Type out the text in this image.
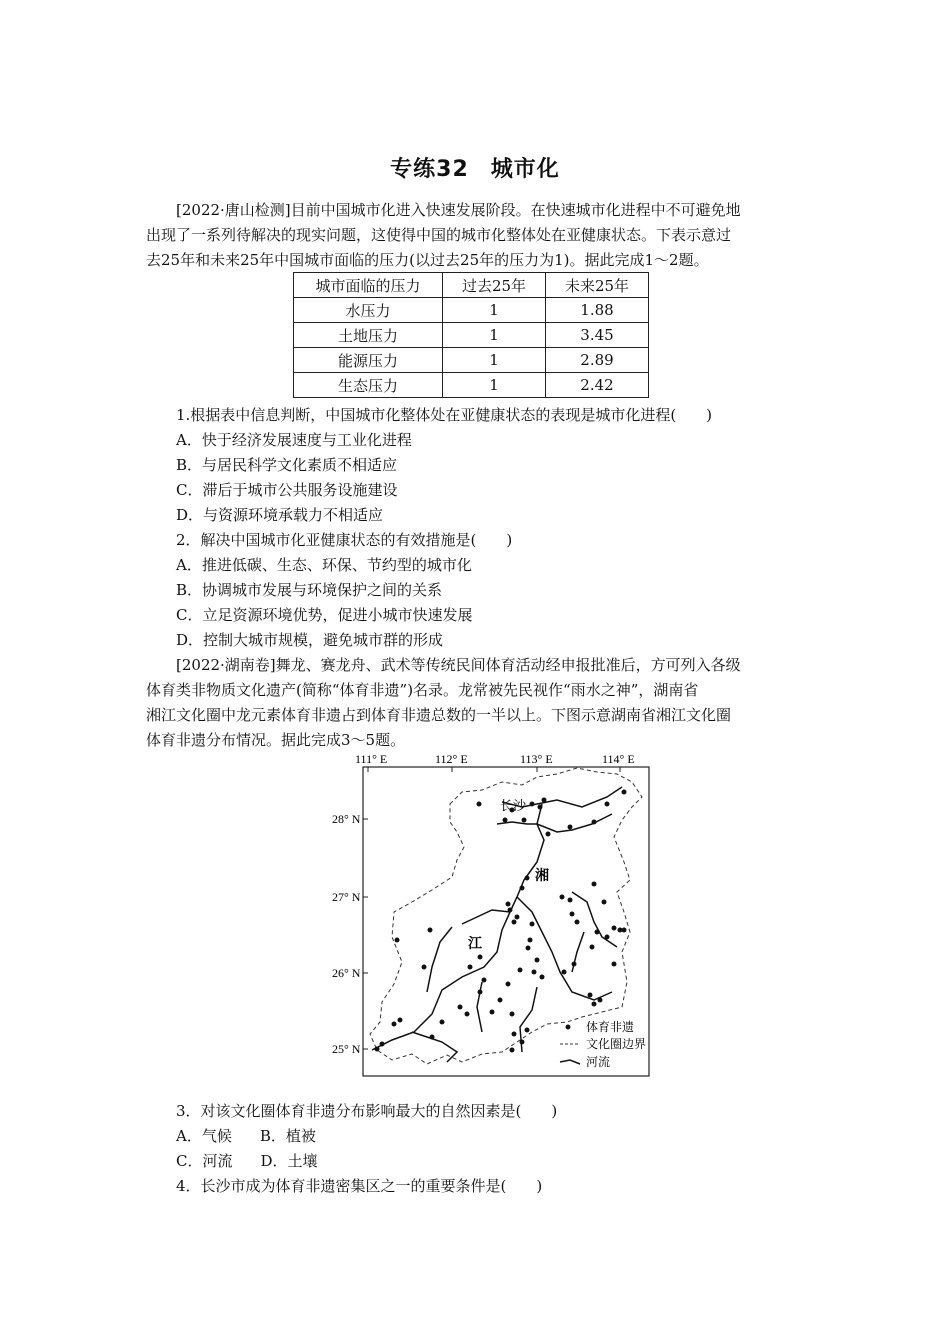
专练32 城市化
[2022·唐山检测]目前中国城市化进入快速发展阶段。在快速城市化进程中不可避免地
出现了一系列待解决的现实问题，这使得中国的城市化整体处在亚健康状态。下表示意过
去25年和未来25年中国城市面临的压力(以过去25年的压力为1)。据此完成1～2题。
城市面临的压力	过去25年	未来25年
水压力	1	1.88
土地压力	1	3.45
能源压力	1	2.89
生态压力	1	2.42
1.根据表中信息判断，中国城市化整体处在亚健康状态的表现是城市化进程(　　)
A．快于经济发展速度与工业化进程
B．与居民科学文化素质不相适应
C．滞后于城市公共服务设施建设
D．与资源环境承载力不相适应
2．解决中国城市化亚健康状态的有效措施是(　　)
A．推进低碳、生态、环保、节约型的城市化
B．协调城市发展与环境保护之间的关系
C．立足资源环境优势，促进小城市快速发展
D．控制大城市规模，避免城市群的形成
[2022·湖南卷]舞龙、赛龙舟、武术等传统民间体育活动经申报批准后，方可列入各级
体育类非物质文化遗产(简称“体育非遗”)名录。龙常被先民视作“雨水之神”，湖南省
湘江文化圈中龙元素体育非遗占到体育非遗总数的一半以上。下图示意湖南省湘江文化圈
体育非遗分布情况。据此完成3～5题。
111° E	112° E	113° E	114° E
28° N
27° N
26° N
25° N
长沙
湘
江
体育非遗
文化圈边界
河流
3．对该文化圈体育非遗分布影响最大的自然因素是(　　)
A．气候 B．植被
C．河流 D．土壤
4．长沙市成为体育非遗密集区之一的重要条件是(　　)
